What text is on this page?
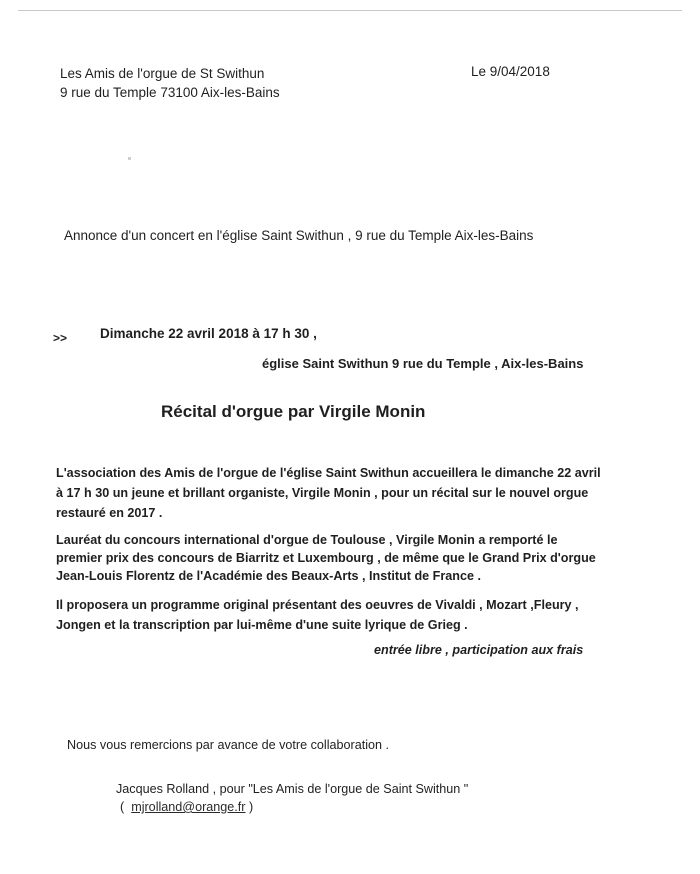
Les Amis de l'orgue de St Swithun
9 rue du Temple 73100 Aix-les-Bains
Le 9/04/2018
Annonce d'un concert en l'église Saint Swithun , 9 rue du Temple Aix-les-Bains
>> Dimanche 22 avril 2018 à 17 h 30 ,
église Saint Swithun 9 rue du Temple , Aix-les-Bains
Récital d'orgue par Virgile Monin
L'association des Amis de l'orgue de l'église Saint Swithun accueillera le dimanche 22 avril
à 17 h 30 un jeune et brillant organiste, Virgile Monin , pour un récital sur le nouvel orgue
restauré en 2017 .
Lauréat du concours international d'orgue de Toulouse , Virgile Monin a remporté le
premier prix des concours de Biarritz et Luxembourg , de même que le Grand Prix d'orgue
Jean-Louis Florentz de l'Académie des Beaux-Arts , Institut de France .
Il proposera un programme original présentant des oeuvres de Vivaldi , Mozart ,Fleury ,
Jongen et la transcription par lui-même d'une suite lyrique de Grieg .
entrée libre , participation aux frais
Nous vous remercions par avance de votre collaboration .
Jacques Rolland , pour "Les Amis de l'orgue de Saint Swithun "
(  mjrolland@orange.fr )
